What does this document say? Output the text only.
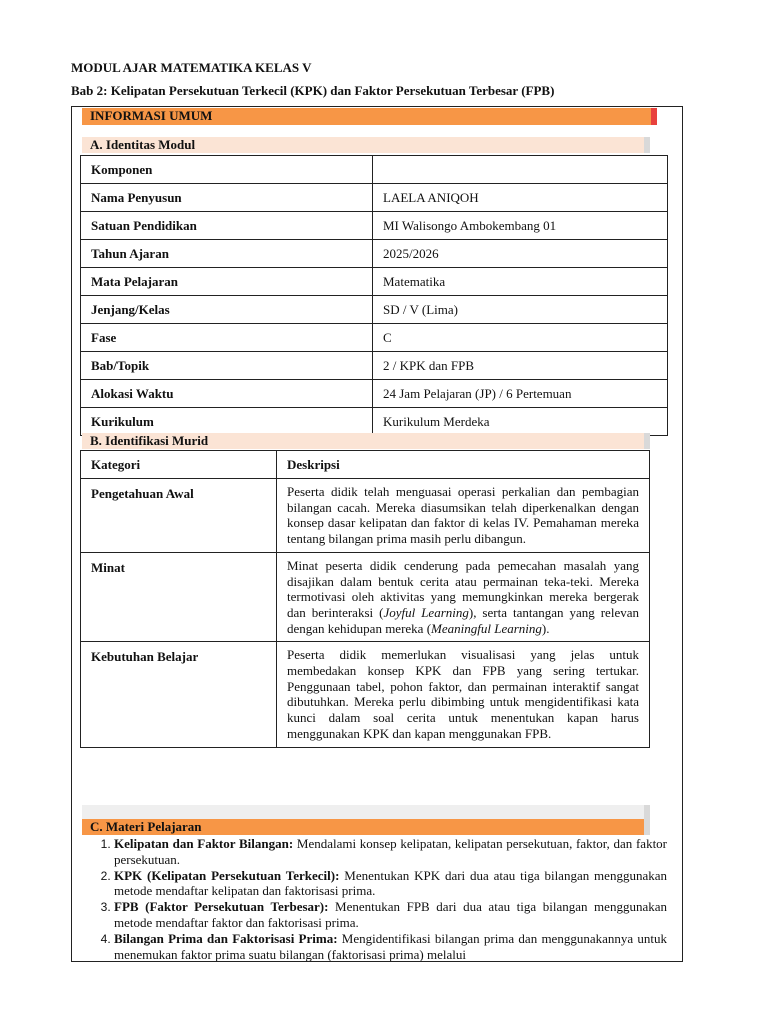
MODUL AJAR MATEMATIKA KELAS V
Bab 2: Kelipatan Persekutuan Terkecil (KPK) dan Faktor Persekutuan Terbesar (FPB)
INFORMASI UMUM
A. Identitas Modul
Komponen	
Nama Penyusun	LAELA ANIQOH
Satuan Pendidikan	MI Walisongo Ambokembang 01
Tahun Ajaran	2025/2026
Mata Pelajaran	Matematika
Jenjang/Kelas	SD / V (Lima)
Fase	C
Bab/Topik	2 / KPK dan FPB
Alokasi Waktu	24 Jam Pelajaran (JP) / 6 Pertemuan
Kurikulum	Kurikulum Merdeka
B. Identifikasi Murid
Kategori	Deskripsi
Pengetahuan Awal	Peserta didik telah menguasai operasi perkalian dan pembagian bilangan cacah. Mereka diasumsikan telah diperkenalkan dengan konsep dasar kelipatan dan faktor di kelas IV. Pemahaman mereka tentang bilangan prima masih perlu dibangun.
Minat	Minat peserta didik cenderung pada pemecahan masalah yang disajikan dalam bentuk cerita atau permainan teka-teki. Mereka termotivasi oleh aktivitas yang memungkinkan mereka bergerak dan berinteraksi (Joyful Learning), serta tantangan yang relevan dengan kehidupan mereka (Meaningful Learning).
Kebutuhan Belajar	Peserta didik memerlukan visualisasi yang jelas untuk membedakan konsep KPK dan FPB yang sering tertukar. Penggunaan tabel, pohon faktor, dan permainan interaktif sangat dibutuhkan. Mereka perlu dibimbing untuk mengidentifikasi kata kunci dalam soal cerita untuk menentukan kapan harus menggunakan KPK dan kapan menggunakan FPB.
C. Materi Pelajaran
1. Kelipatan dan Faktor Bilangan: Mendalami konsep kelipatan, kelipatan persekutuan, faktor, dan faktor persekutuan.
2. KPK (Kelipatan Persekutuan Terkecil): Menentukan KPK dari dua atau tiga bilangan menggunakan metode mendaftar kelipatan dan faktorisasi prima.
3. FPB (Faktor Persekutuan Terbesar): Menentukan FPB dari dua atau tiga bilangan menggunakan metode mendaftar faktor dan faktorisasi prima.
4. Bilangan Prima dan Faktorisasi Prima: Mengidentifikasi bilangan prima dan menggunakannya untuk menemukan faktor prima suatu bilangan (faktorisasi prima) melalui
